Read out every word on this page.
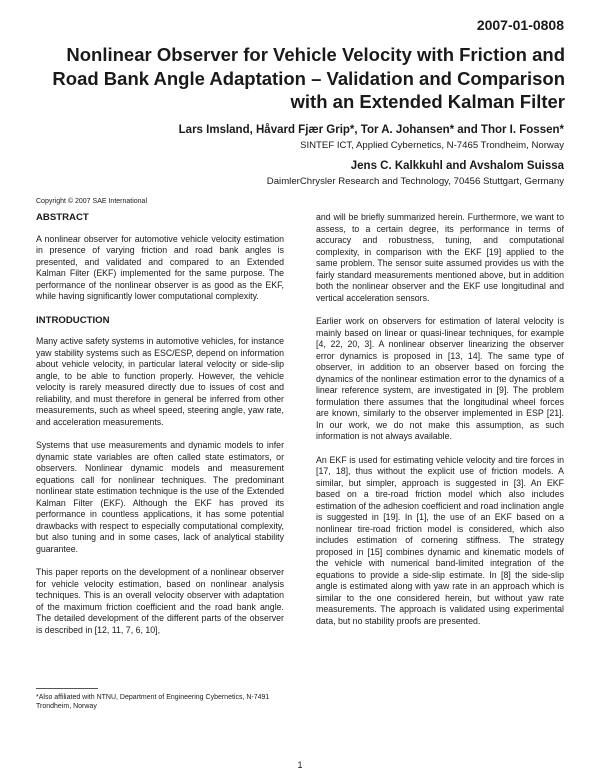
2007-01-0808
Nonlinear Observer for Vehicle Velocity with Friction and Road Bank Angle Adaptation – Validation and Comparison with an Extended Kalman Filter
Lars Imsland, Håvard Fjær Grip*, Tor A. Johansen* and Thor I. Fossen*
SINTEF ICT, Applied Cybernetics, N-7465 Trondheim, Norway
Jens C. Kalkkuhl and Avshalom Suissa
DaimlerChrysler Research and Technology, 70456 Stuttgart, Germany
Copyright © 2007 SAE International
ABSTRACT

A nonlinear observer for automotive vehicle velocity estimation in presence of varying friction and road bank angles is presented, and validated and compared to an Extended Kalman Filter (EKF) implemented for the same purpose. The performance of the nonlinear observer is as good as the EKF, while having significantly lower computational complexity.

INTRODUCTION

Many active safety systems in automotive vehicles, for instance yaw stability systems such as ESC/ESP, depend on information about vehicle velocity, in particular lateral velocity or side-slip angle, to be able to function properly. However, the vehicle velocity is rarely measured directly due to issues of cost and reliability, and must therefore in general be inferred from other measurements, such as wheel speed, steering angle, yaw rate, and acceleration measurements.

Systems that use measurements and dynamic models to infer dynamic state variables are often called state estimators, or observers. Nonlinear dynamic models and measurement equations call for nonlinear techniques. The predominant nonlinear state estimation technique is the use of the Extended Kalman Filter (EKF). Although the EKF has proved its performance in countless applications, it has some potential drawbacks with respect to especially computational complexity, but also tuning and in some cases, lack of analytical stability guarantee.

This paper reports on the development of a nonlinear observer for vehicle velocity estimation, based on nonlinear analysis techniques. This is an overall velocity observer with adaptation of the maximum friction coefficient and the road bank angle. The detailed development of the different parts of the observer is described in [12, 11, 7, 6, 10],

and will be briefly summarized herein. Furthermore, we want to assess, to a certain degree, its performance in terms of accuracy and robustness, tuning, and computational complexity, in comparison with the EKF [19] applied to the same problem. The sensor suite assumed provides us with the fairly standard measurements mentioned above, but in addition both the nonlinear observer and the EKF use longitudinal and vertical acceleration sensors.

Earlier work on observers for estimation of lateral velocity is mainly based on linear or quasi-linear techniques, for example [4, 22, 20, 3]. A nonlinear observer linearizing the observer error dynamics is proposed in [13, 14]. The same type of observer, in addition to an observer based on forcing the dynamics of the nonlinear estimation error to the dynamics of a linear reference system, are investigated in [9]. The problem formulation there assumes that the longitudinal wheel forces are known, similarly to the observer implemented in ESP [21]. In our work, we do not make this assumption, as such information is not always available.

An EKF is used for estimating vehicle velocity and tire forces in [17, 18], thus without the explicit use of friction models. A similar, but simpler, approach is suggested in [3]. An EKF based on a tire-road friction model which also includes estimation of the adhesion coefficient and road inclination angle is suggested in [19]. In [1], the use of an EKF based on a nonlinear tire-road friction model is considered, which also includes estimation of cornering stiffness. The strategy proposed in [15] combines dynamic and kinematic models of the vehicle with numerical band-limited integration of the equations to provide a side-slip estimate. In [8] the side-slip angle is estimated along with yaw rate in an approach which is similar to the one considered herein, but without yaw rate measurements. The approach is validated using experimental data, but no stability proofs are presented.

*Also affiliated with NTNU, Department of Engineering Cybernetics, N-7491 Trondheim, Norway
1
